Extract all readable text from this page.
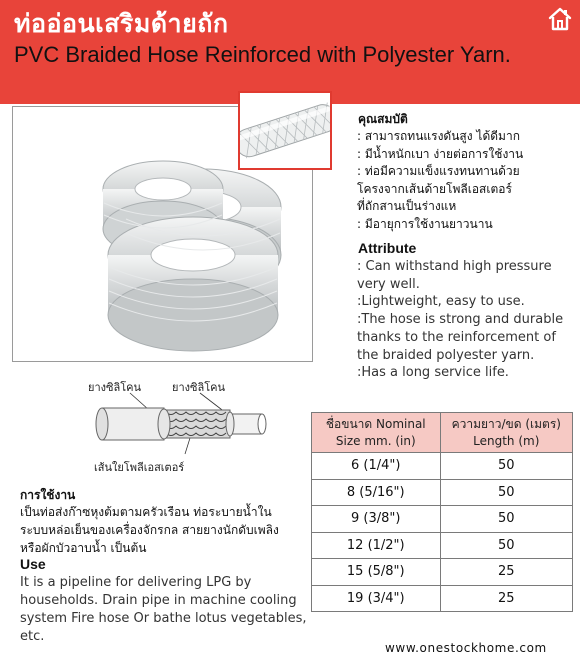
ท่ออ่อนเสริมด้ายถัก
PVC Braided Hose Reinforced with Polyester Yarn.
คุณสมบัติ
: สามารถทนแรงดันสูง ได้ดีมาก
: มีน้ำหนักเบา ง่ายต่อการใช้งาน
: ท่อมีความแข็งแรงทนทานด้วย
โครงจากเส้นด้ายโพลีเอสเตอร์
ที่ถักสานเป็นร่างแห
: มีอายุการใช้งานยาวนาน
Attribute
: Can withstand high pressure very well.
:Lightweight, easy to use.
:The hose is strong and durable thanks to the reinforcement of the braided polyester yarn.
:Has a long service life.
ยางซิลิโคน	ยางซิลิโคน
เส้นใยโพลีเอสเตอร์
การใช้งาน
เป็นท่อส่งก๊าซหุงต้มตามครัวเรือน ท่อระบายน้ำในระบบหล่อเย็นของเครื่องจักรกล สายยางนักดับเพลิง หรือผักบัวอาบน้ำ เป็นต้น
Use
It is a pipeline for delivering LPG by households. Drain pipe in machine cooling system Fire hose Or bathe lotus vegetables, etc.
ชื่อขนาด Nominal Size mm. (in)	ความยาว/ขด (เมตร) Length (m)
6 (1/4")	50
8 (5/16")	50
9 (3/8")	50
12 (1/2")	50
15 (5/8")	25
19 (3/4")	25
www.onestockhome.com
